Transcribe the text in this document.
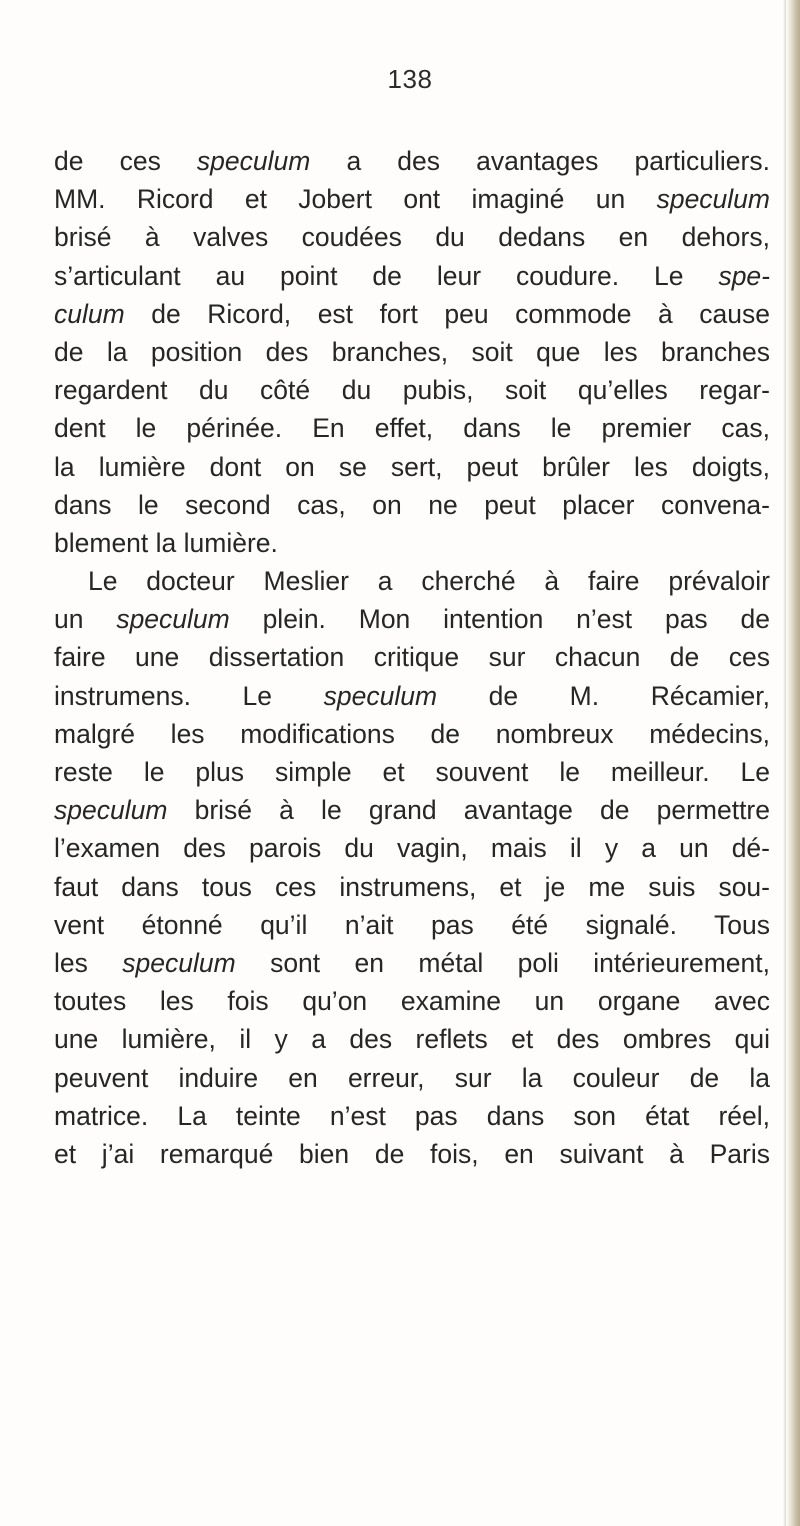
138
de ces speculum a des avantages particuliers.
MM. Ricord et Jobert ont imaginé un speculum
brisé à valves coudées du dedans en dehors,
s’articulant au point de leur coudure. Le spe-
culum de Ricord, est fort peu commode à cause
de la position des branches, soit que les branches
regardent du côté du pubis, soit qu’elles regar-
dent le périnée. En effet, dans le premier cas,
la lumière dont on se sert, peut brûler les doigts,
dans le second cas, on ne peut placer convena-
blement la lumière.
Le docteur Meslier a cherché à faire prévaloir
un speculum plein. Mon intention n’est pas de
faire une dissertation critique sur chacun de ces
instrumens. Le speculum de M. Récamier,
malgré les modifications de nombreux médecins,
reste le plus simple et souvent le meilleur. Le
speculum brisé à le grand avantage de permettre
l’examen des parois du vagin, mais il y a un dé-
faut dans tous ces instrumens, et je me suis sou-
vent étonné qu’il n’ait pas été signalé. Tous
les speculum sont en métal poli intérieurement,
toutes les fois qu’on examine un organe avec
une lumière, il y a des reflets et des ombres qui
peuvent induire en erreur, sur la couleur de la
matrice. La teinte n’est pas dans son état réel,
et j’ai remarqué bien de fois, en suivant à Paris
